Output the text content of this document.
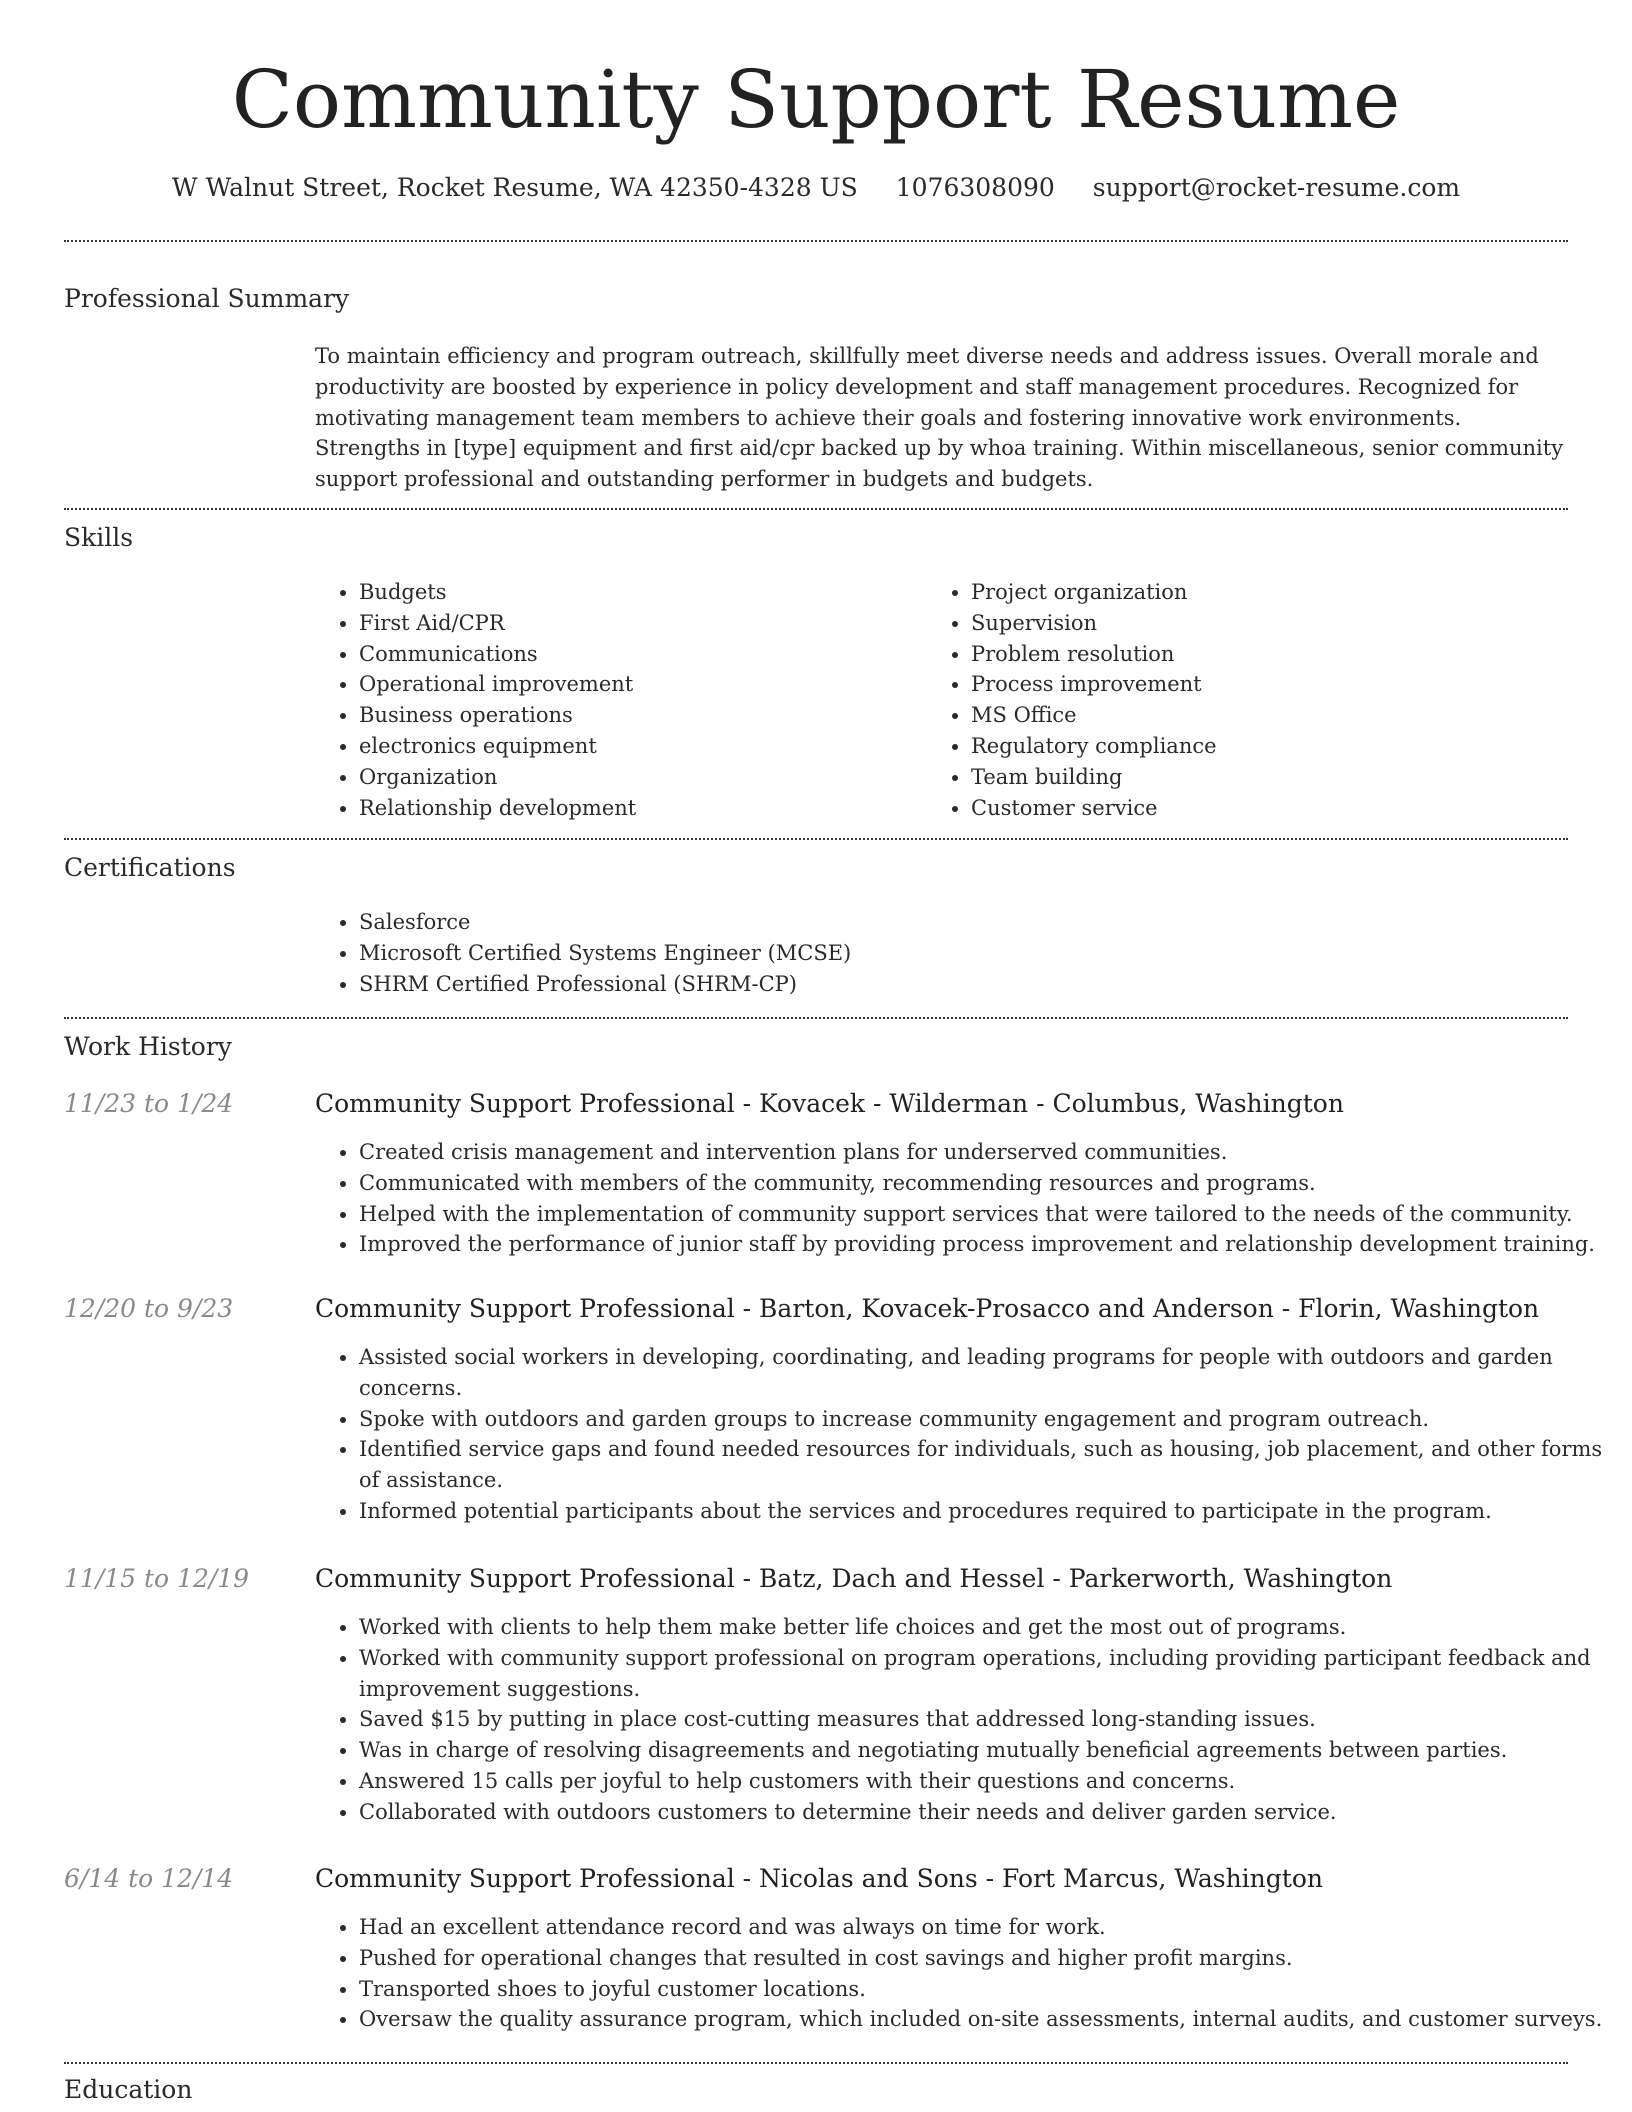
Community Support Resume
W Walnut Street, Rocket Resume, WA 42350-4328 US 1076308090 support@rocket-resume.com
Professional Summary

To maintain efficiency and program outreach, skillfully meet diverse needs and address issues. Overall morale and productivity are boosted by experience in policy development and staff management procedures. Recognized for motivating management team members to achieve their goals and fostering innovative work environments. Strengths in [type] equipment and first aid/cpr backed up by whoa training. Within miscellaneous, senior community support professional and outstanding performer in budgets and budgets.

Skills
• Budgets
• First Aid/CPR
• Communications
• Operational improvement
• Business operations
• electronics equipment
• Organization
• Relationship development
• Project organization
• Supervision
• Problem resolution
• Process improvement
• MS Office
• Regulatory compliance
• Team building
• Customer service
Certifications
• Salesforce
• Microsoft Certified Systems Engineer (MCSE)
• SHRM Certified Professional (SHRM-CP)
Work History
11/23 to 1/24	Community Support Professional - Kovacek - Wilderman - Columbus, Washington
• Created crisis management and intervention plans for underserved communities.
• Communicated with members of the community, recommending resources and programs.
• Helped with the implementation of community support services that were tailored to the needs of the community.
• Improved the performance of junior staff by providing process improvement and relationship development training.
12/20 to 9/23	Community Support Professional - Barton, Kovacek-Prosacco and Anderson - Florin, Washington
• Assisted social workers in developing, coordinating, and leading programs for people with outdoors and garden concerns.
• Spoke with outdoors and garden groups to increase community engagement and program outreach.
• Identified service gaps and found needed resources for individuals, such as housing, job placement, and other forms of assistance.
• Informed potential participants about the services and procedures required to participate in the program.
11/15 to 12/19	Community Support Professional - Batz, Dach and Hessel - Parkerworth, Washington
• Worked with clients to help them make better life choices and get the most out of programs.
• Worked with community support professional on program operations, including providing participant feedback and improvement suggestions.
• Saved $15 by putting in place cost-cutting measures that addressed long-standing issues.
• Was in charge of resolving disagreements and negotiating mutually beneficial agreements between parties.
• Answered 15 calls per joyful to help customers with their questions and concerns.
• Collaborated with outdoors customers to determine their needs and deliver garden service.
6/14 to 12/14	Community Support Professional - Nicolas and Sons - Fort Marcus, Washington
• Had an excellent attendance record and was always on time for work.
• Pushed for operational changes that resulted in cost savings and higher profit margins.
• Transported shoes to joyful customer locations.
• Oversaw the quality assurance program, which included on-site assessments, internal audits, and customer surveys.
Education
